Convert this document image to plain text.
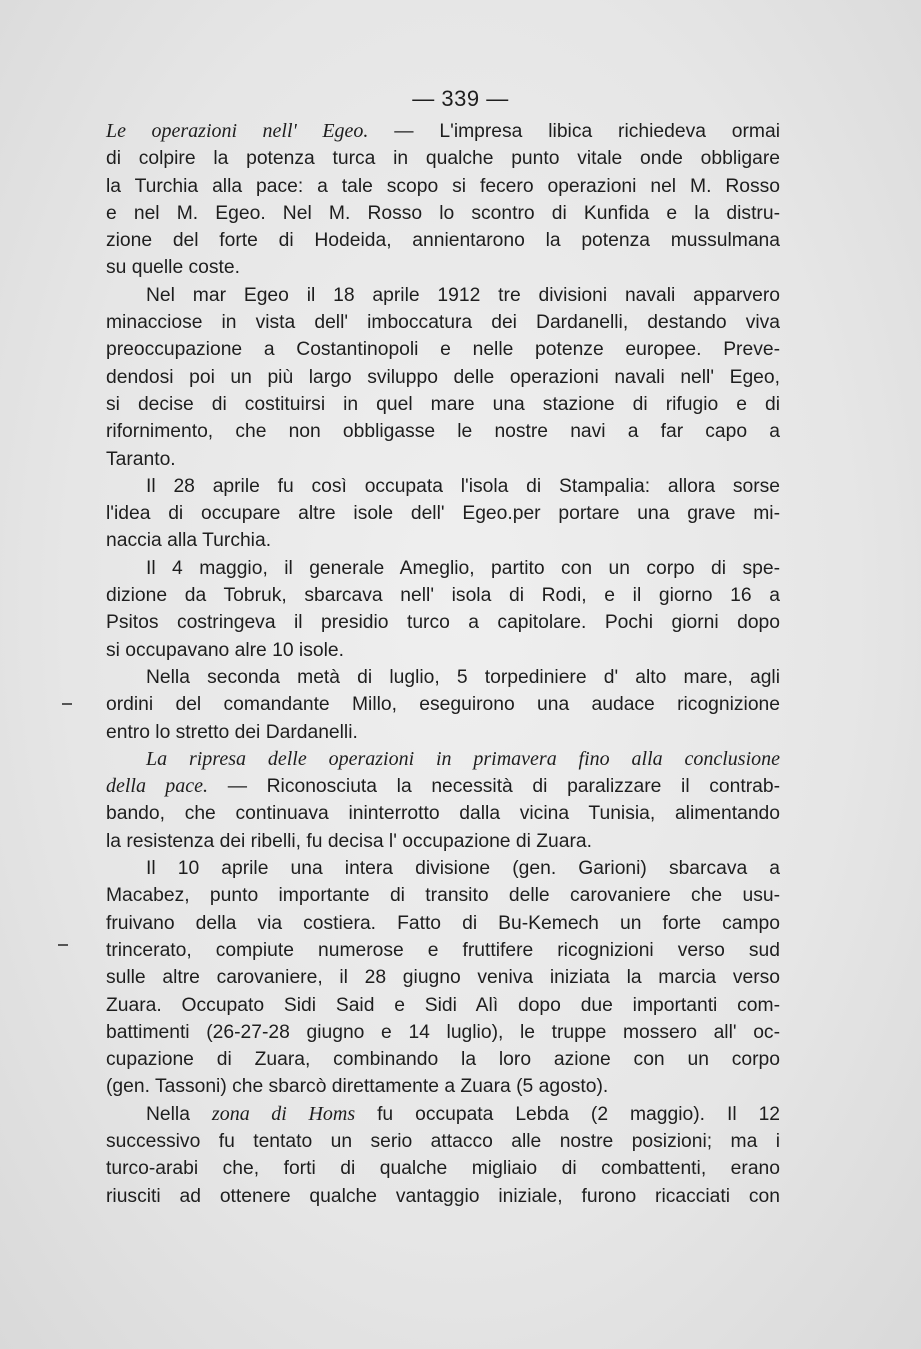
— 339 —
Le operazioni nell' Egeo. — L'impresa libica richiedeva ormai
di colpire la potenza turca in qualche punto vitale onde obbligare
la Turchia alla pace: a tale scopo si fecero operazioni nel M. Rosso
e nel M. Egeo. Nel M. Rosso lo scontro di Kunfida e la distru-
zione del forte di Hodeida, annientarono la potenza mussulmana
su quelle coste.
Nel mar Egeo il 18 aprile 1912 tre divisioni navali apparvero
minacciose in vista dell' imboccatura dei Dardanelli, destando viva
preoccupazione a Costantinopoli e nelle potenze europee. Preve-
dendosi poi un più largo sviluppo delle operazioni navali nell' Egeo,
si decise di costituirsi in quel mare una stazione di rifugio e di
rifornimento, che non obbligasse le nostre navi a far capo a
Taranto.
Il 28 aprile fu così occupata l'isola di Stampalia: allora sorse
l'idea di occupare altre isole dell' Egeo.per portare una grave mi-
naccia alla Turchia.
Il 4 maggio, il generale Ameglio, partito con un corpo di spe-
dizione da Tobruk, sbarcava nell' isola di Rodi, e il giorno 16 a
Psitos costringeva il presidio turco a capitolare. Pochi giorni dopo
si occupavano alre 10 isole.
Nella seconda metà di luglio, 5 torpediniere d' alto mare, agli
ordini del comandante Millo, eseguirono una audace ricognizione
entro lo stretto dei Dardanelli.
La ripresa delle operazioni in primavera fino alla conclusione
della pace. — Riconosciuta la necessità di paralizzare il contrab-
bando, che continuava ininterrotto dalla vicina Tunisia, alimentando
la resistenza dei ribelli, fu decisa l' occupazione di Zuara.
Il 10 aprile una intera divisione (gen. Garioni) sbarcava a
Macabez, punto importante di transito delle carovaniere che usu-
fruivano della via costiera. Fatto di Bu-Kemech un forte campo
trincerato, compiute numerose e fruttifere ricognizioni verso sud
sulle altre carovaniere, il 28 giugno veniva iniziata la marcia verso
Zuara. Occupato Sidi Said e Sidi Alì dopo due importanti com-
battimenti (26-27-28 giugno e 14 luglio), le truppe mossero all' oc-
cupazione di Zuara, combinando la loro azione con un corpo
(gen. Tassoni) che sbarcò direttamente a Zuara (5 agosto).
Nella zona di Homs fu occupata Lebda (2 maggio). Il 12
successivo fu tentato un serio attacco alle nostre posizioni; ma i
turco-arabi che, forti di qualche migliaio di combattenti, erano
riusciti ad ottenere qualche vantaggio iniziale, furono ricacciati con
